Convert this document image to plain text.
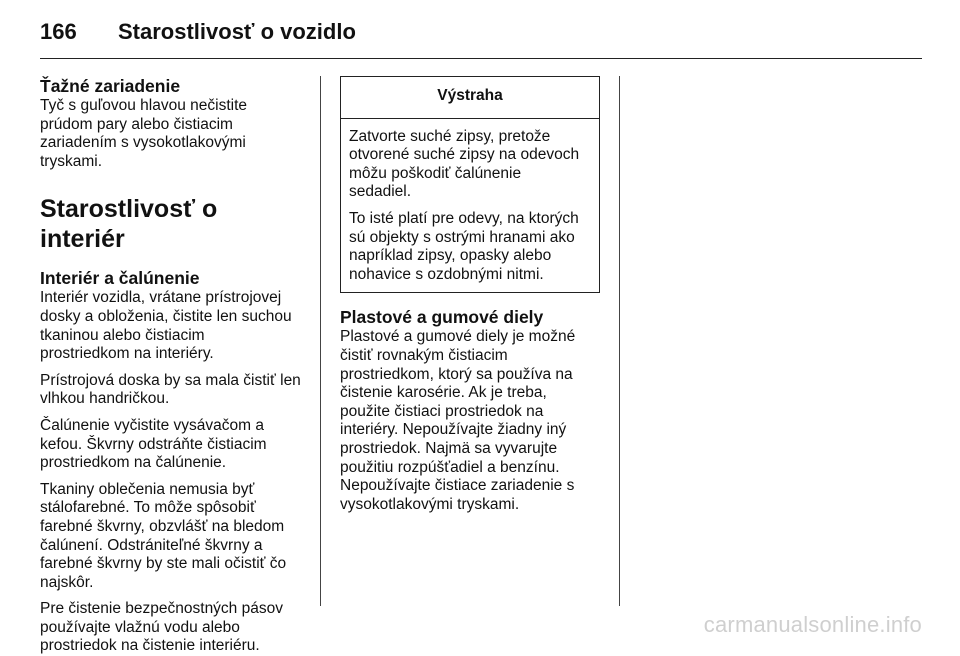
166 Starostlivosť o vozidlo
Ťažné zariadenie

Tyč s guľovou hlavou nečistite
prúdom pary alebo čistiacim
zariadením s vysokotlakovými
tryskami.

Starostlivosť o interiér
Interiér a čalúnenie

Interiér vozidla, vrátane prístrojovej
dosky a obloženia, čistite len suchou
tkaninou alebo čistiacim
prostriedkom na interiéry.

Prístrojová doska by sa mala čistiť len
vlhkou handričkou.

Čalúnenie vyčistite vysávačom a
kefou. Škvrny odstráňte čistiacim
prostriedkom na čalúnenie.

Tkaniny oblečenia nemusia byť
stálofarebné. To môže spôsobiť
farebné škvrny, obzvlášť na bledom
čalúnení. Odstrániteľné škvrny a
farebné škvrny by ste mali očistiť čo
najskôr.

Pre čistenie bezpečnostných pásov
používajte vlažnú vodu alebo
prostriedok na čistenie interiéru.

Výstraha

Zatvorte suché zipsy, pretože
otvorené suché zipsy na odevoch
môžu poškodiť čalúnenie
sedadiel.

To isté platí pre odevy, na ktorých
sú objekty s ostrými hranami ako
napríklad zipsy, opasky alebo
nohavice s ozdobnými nitmi.

Plastové a gumové diely

Plastové a gumové diely je možné
čistiť rovnakým čistiacim
prostriedkom, ktorý sa používa na
čistenie karosérie. Ak je treba,
použite čistiaci prostriedok na
interiéry. Nepoužívajte žiadny iný
prostriedok. Najmä sa vyvarujte
použitiu rozpúšťadiel a benzínu.
Nepoužívajte čistiace zariadenie s
vysokotlakovými tryskami.

carmanualsonline.info
